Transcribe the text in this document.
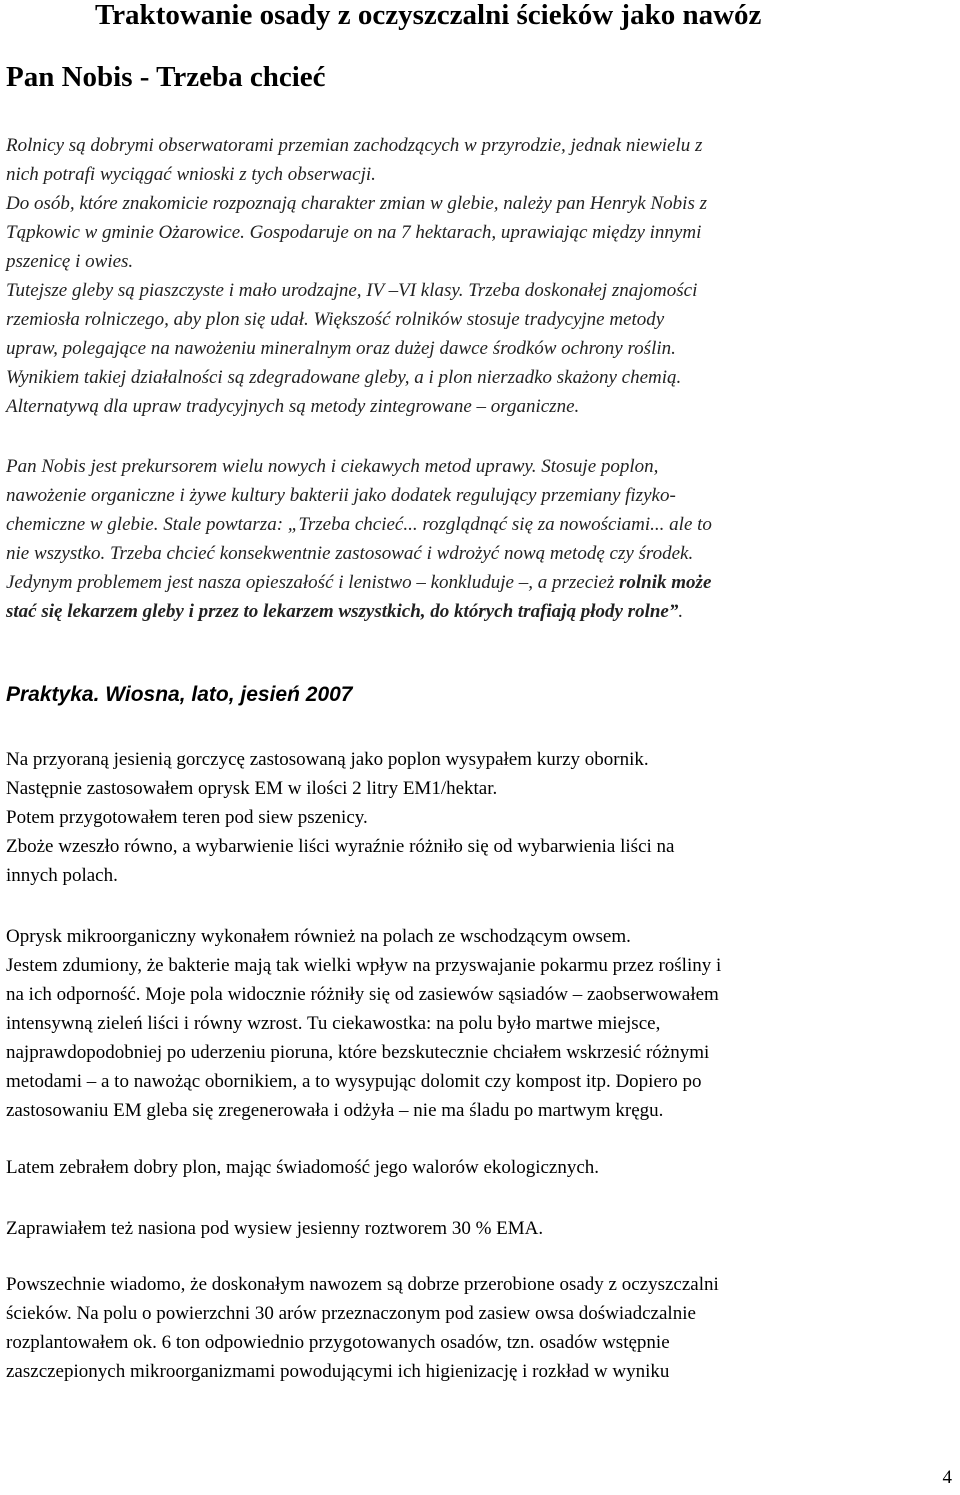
Traktowanie osady z oczyszczalni ścieków jako nawóz
Pan Nobis - Trzeba chcieć
Rolnicy są dobrymi obserwatorami przemian zachodzących w przyrodzie, jednak niewielu z
nich potrafi wyciągać wnioski z tych obserwacji.
Do osób, które znakomicie rozpoznają charakter zmian w glebie, należy pan Henryk Nobis z
Tąpkowic w gminie Ożarowice. Gospodaruje on na 7 hektarach, uprawiając między innymi
pszenicę i owies.
Tutejsze gleby są piaszczyste i mało urodzajne, IV –VI klasy. Trzeba doskonałej znajomości
rzemiosła rolniczego, aby plon się udał. Większość rolników stosuje tradycyjne metody
upraw, polegające na nawożeniu mineralnym oraz dużej dawce środków ochrony roślin.
Wynikiem takiej działalności są zdegradowane gleby, a i plon nierzadko skażony chemią.
Alternatywą dla upraw tradycyjnych są metody zintegrowane – organiczne.
Pan Nobis jest prekursorem wielu nowych i ciekawych metod uprawy. Stosuje poplon,
nawożenie organiczne i żywe kultury bakterii jako dodatek regulujący przemiany fizyko-
chemiczne w glebie. Stale powtarza: „Trzeba chcieć... rozglądnąć się za nowościami... ale to
nie wszystko. Trzeba chcieć konsekwentnie zastosować i wdrożyć nową metodę czy środek.
Jedynym problemem jest nasza opieszałość i lenistwo – konkluduje –, a przecież rolnik może
stać się lekarzem gleby i przez to lekarzem wszystkich, do których trafiają płody rolne”.
Praktyka. Wiosna, lato, jesień 2007
Na przyoraną jesienią gorczycę zastosowaną jako poplon wysypałem kurzy obornik.
Następnie zastosowałem oprysk EM w ilości 2 litry EM1/hektar.
Potem przygotowałem teren pod siew pszenicy.
Zboże wzeszło równo, a wybarwienie liści wyraźnie różniło się od wybarwienia liści na
innych polach.
Oprysk mikroorganiczny wykonałem również na polach ze wschodzącym owsem.
Jestem zdumiony, że bakterie mają tak wielki wpływ na przyswajanie pokarmu przez rośliny i
na ich odporność. Moje pola widocznie różniły się od zasiewów sąsiadów – zaobserwowałem
intensywną zieleń liści i równy wzrost. Tu ciekawostka: na polu było martwe miejsce,
najprawdopodobniej po uderzeniu pioruna, które bezskutecznie chciałem wskrzesić różnymi
metodami – a to nawożąc obornikiem, a to wysypując dolomit czy kompost itp. Dopiero po
zastosowaniu EM gleba się zregenerowała i odżyła – nie ma śladu po martwym kręgu.
Latem zebrałem dobry plon, mając świadomość jego walorów ekologicznych.
Zaprawiałem też nasiona pod wysiew jesienny roztworem 30 % EMA.
Powszechnie wiadomo, że doskonałym nawozem są dobrze przerobione osady z oczyszczalni
ścieków. Na polu o powierzchni 30 arów przeznaczonym pod zasiew owsa doświadczalnie
rozplantowałem ok. 6 ton odpowiednio przygotowanych osadów, tzn. osadów wstępnie
zaszczepionych mikroorganizmami powodującymi ich higienizację i rozkład w wyniku
4
